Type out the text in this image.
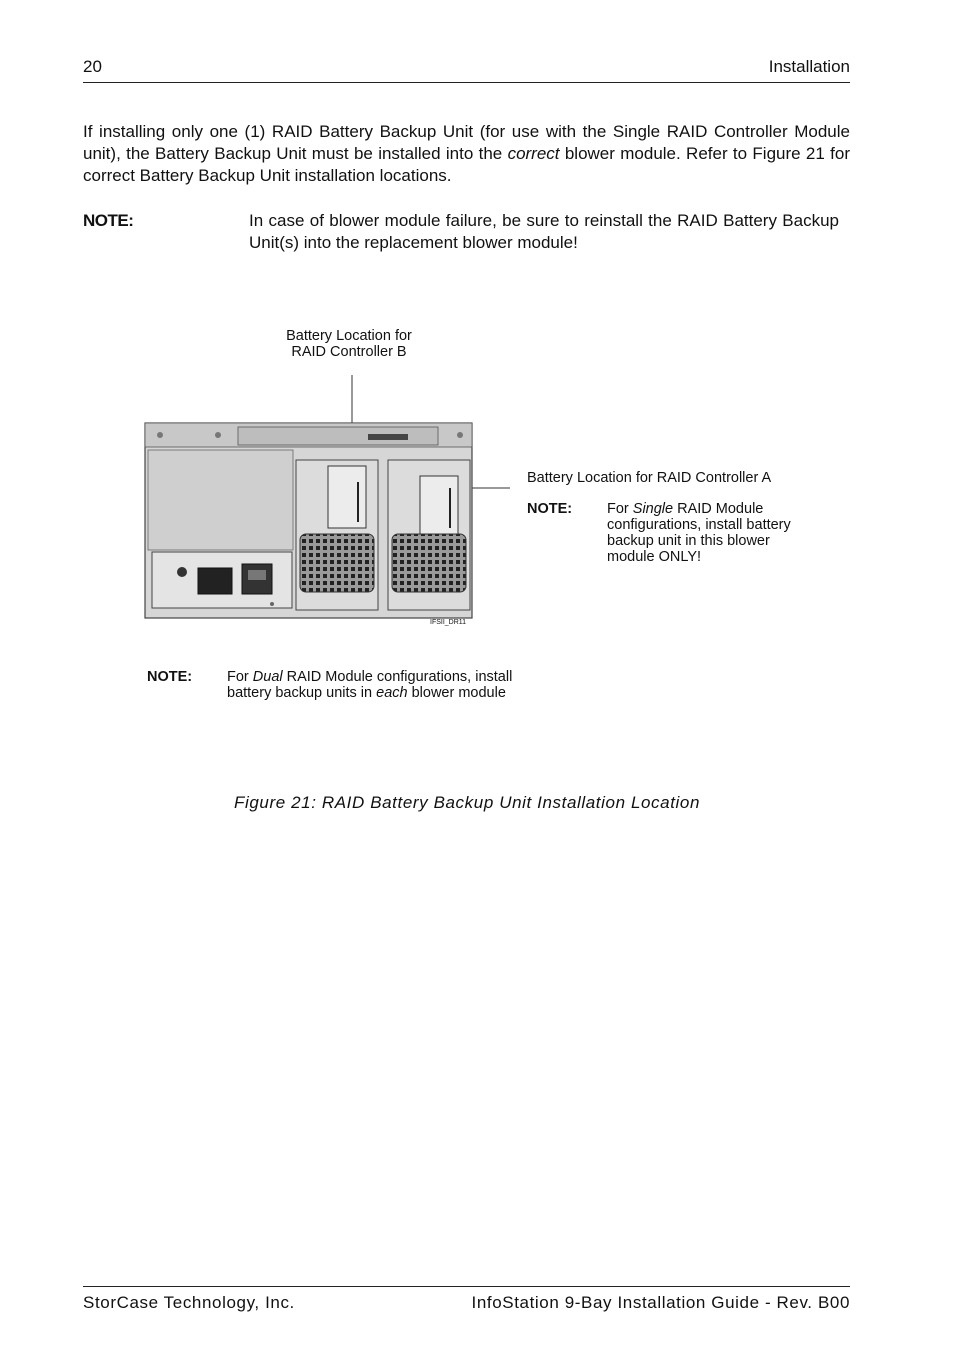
20	Installation
If installing only one (1) RAID Battery Backup Unit (for use with the Single RAID Controller Module unit), the Battery Backup Unit must be installed into the correct blower module. Refer to Figure 21 for correct Battery Backup Unit installation locations.
NOTE:	In case of blower module failure, be sure to reinstall the RAID Battery Backup Unit(s) into the replacement blower module!
Battery Location for
RAID Controller B
Battery Location for RAID Controller A
NOTE: For Single RAID Module configurations, install battery backup unit in this blower module ONLY!
IFSII_DR11
NOTE: For Dual RAID Module configurations, install battery backup units in each blower module
Figure 21: RAID Battery Backup Unit Installation Location
StorCase Technology, Inc.	InfoStation 9-Bay Installation Guide - Rev. B00
